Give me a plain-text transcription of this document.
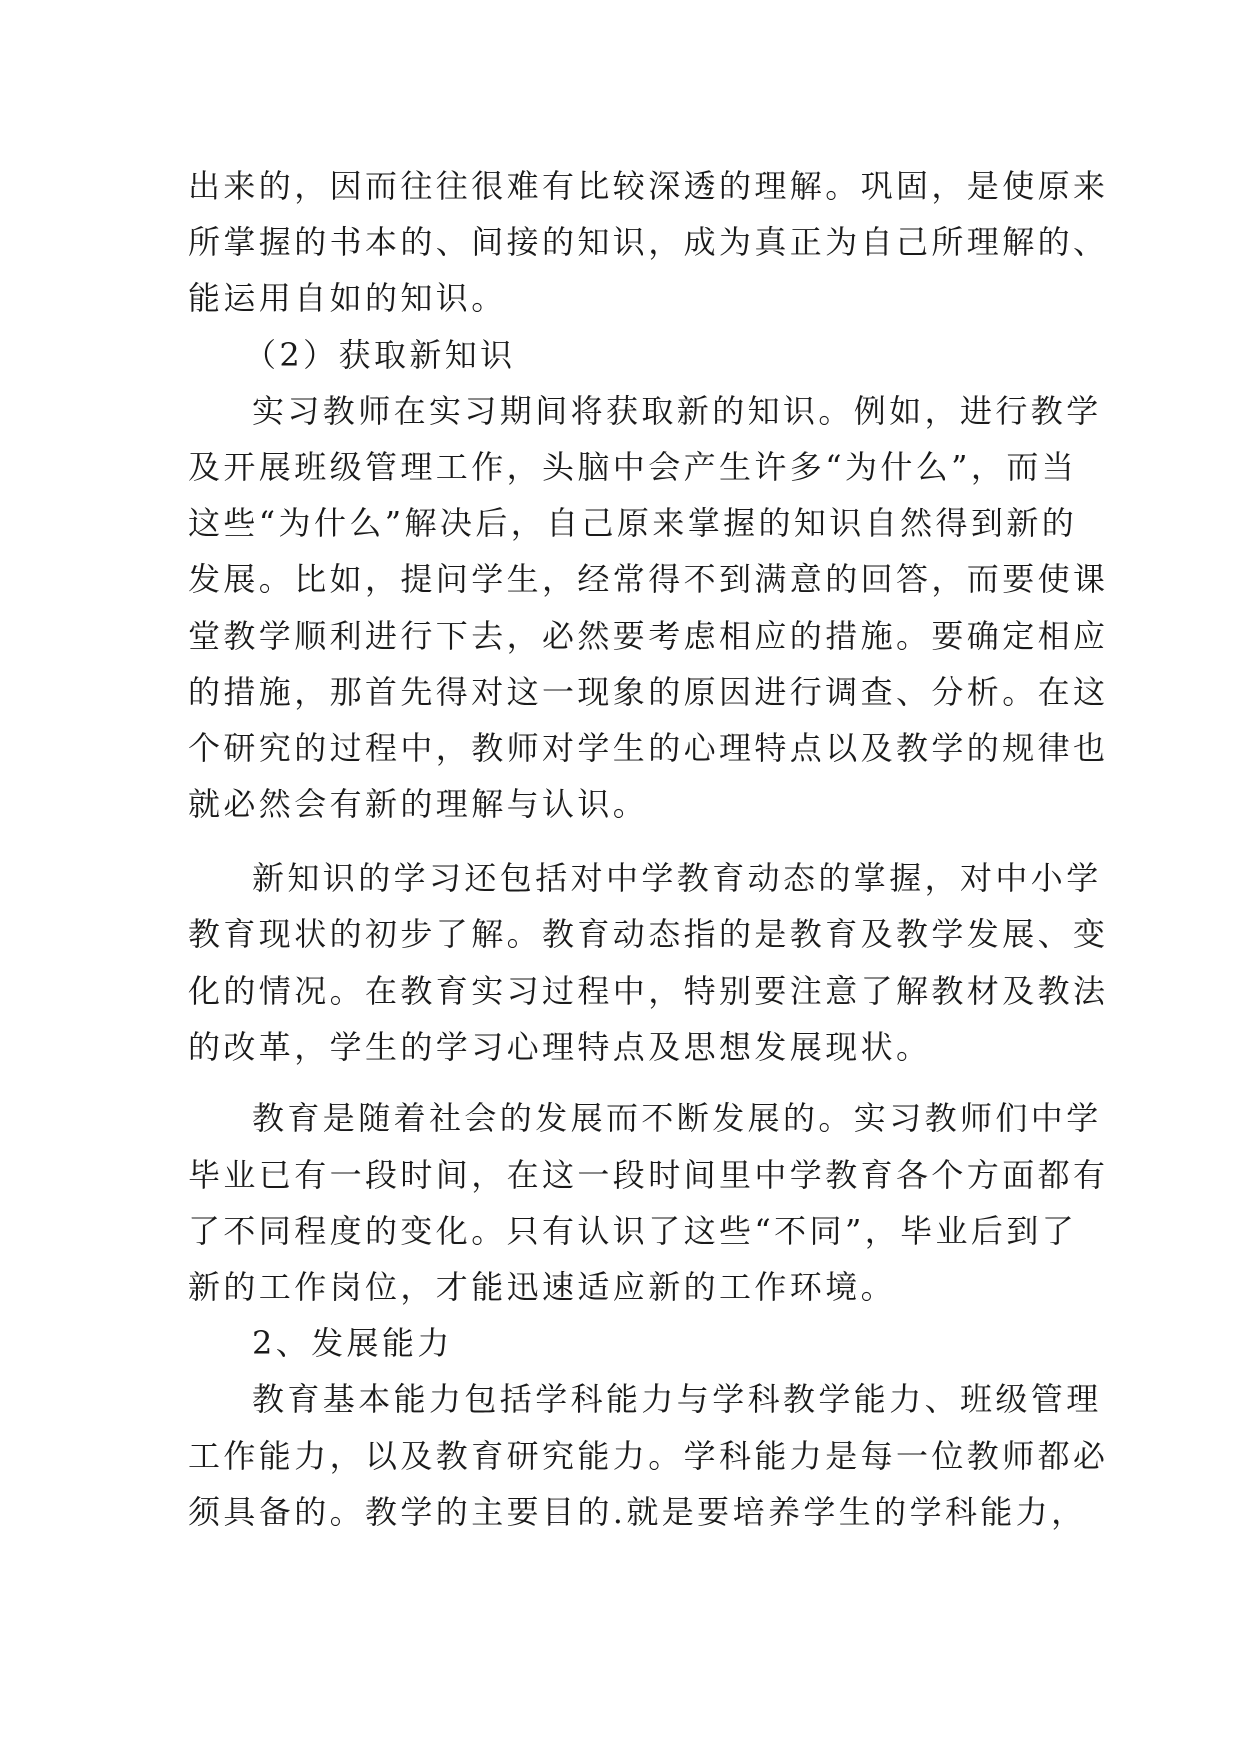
出来的，因而往往很难有比较深透的理解。巩固，是使原来
所掌握的书本的、间接的知识，成为真正为自己所理解的、
能运用自如的知识。
（2）获取新知识
实习教师在实习期间将获取新的知识。例如，进行教学
及开展班级管理工作，头脑中会产生许多“为什么”，而当
这些“为什么”解决后，自己原来掌握的知识自然得到新的
发展。比如，提问学生，经常得不到满意的回答，而要使课
堂教学顺利进行下去，必然要考虑相应的措施。要确定相应
的措施，那首先得对这一现象的原因进行调查、分析。在这
个研究的过程中，教师对学生的心理特点以及教学的规律也
就必然会有新的理解与认识。
新知识的学习还包括对中学教育动态的掌握，对中小学
教育现状的初步了解。教育动态指的是教育及教学发展、变
化的情况。在教育实习过程中，特别要注意了解教材及教法
的改革，学生的学习心理特点及思想发展现状。
教育是随着社会的发展而不断发展的。实习教师们中学
毕业已有一段时间，在这一段时间里中学教育各个方面都有
了不同程度的变化。只有认识了这些“不同”，毕业后到了
新的工作岗位，才能迅速适应新的工作环境。
2、发展能力
教育基本能力包括学科能力与学科教学能力、班级管理
工作能力，以及教育研究能力。学科能力是每一位教师都必
须具备的。教学的主要目的.就是要培养学生的学科能力，
